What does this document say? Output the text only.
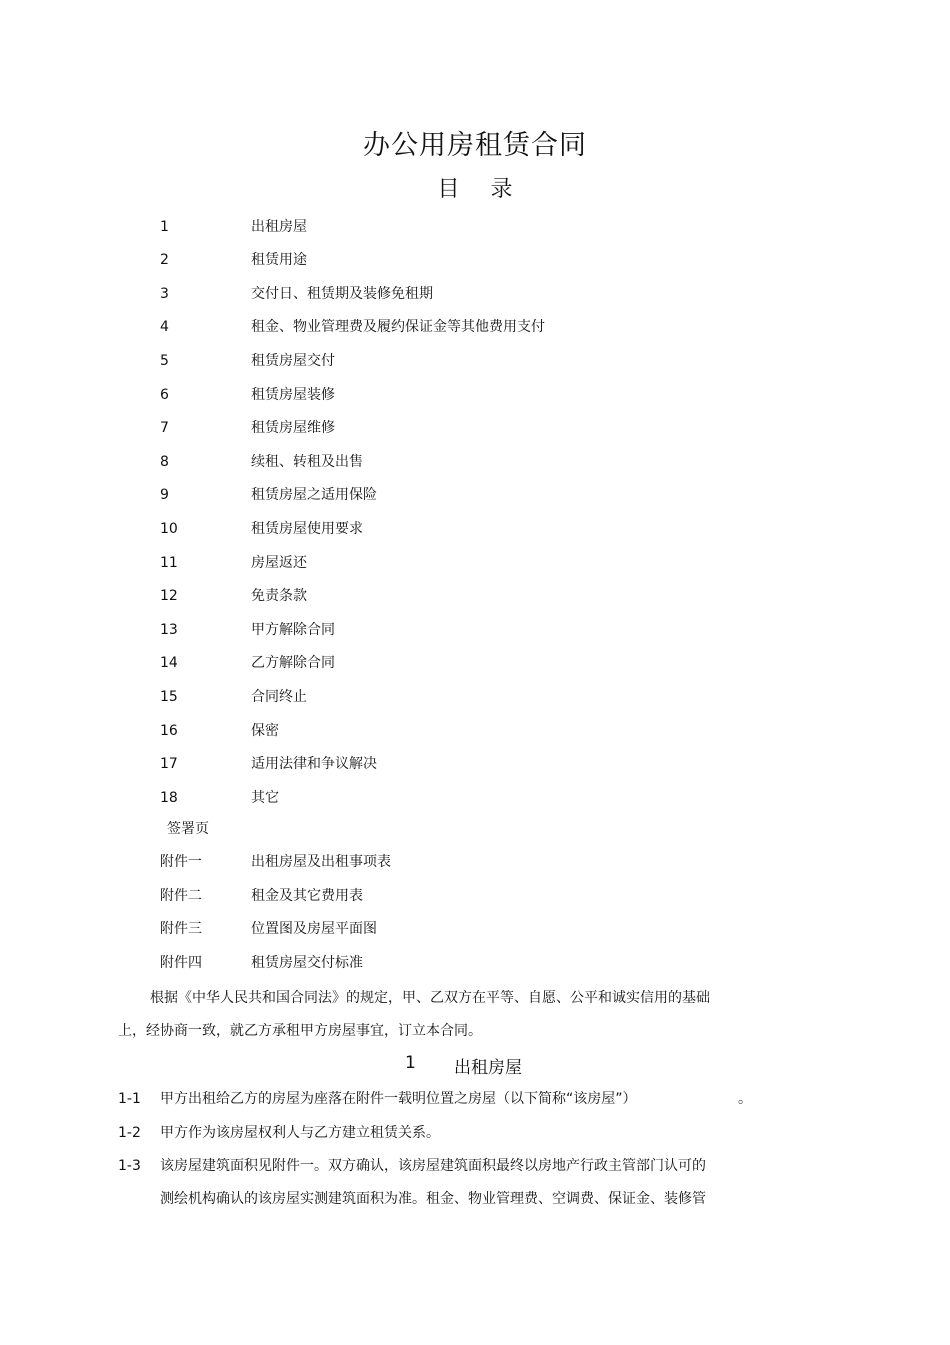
办公用房租赁合同
目 录
1	出租房屋
2	租赁用途
3	交付日、租赁期及装修免租期
4	租金、物业管理费及履约保证金等其他费用支付
5	租赁房屋交付
6	租赁房屋装修
7	租赁房屋维修
8	续租、转租及出售
9	租赁房屋之适用保险
10	租赁房屋使用要求
11	房屋返还
12	免责条款
13	甲方解除合同
14	乙方解除合同
15	合同终止
16	保密
17	适用法律和争议解决
18	其它
签署页
附件一	出租房屋及出租事项表
附件二	租金及其它费用表
附件三	位置图及房屋平面图
附件四	租赁房屋交付标准
根据《中华人民共和国合同法》的规定，甲、乙双方在平等、自愿、公平和诚实信用的基础
上，经协商一致，就乙方承租甲方房屋事宜，订立本合同。
1 出租房屋
1-1 甲方出租给乙方的房屋为座落在附件一载明位置之房屋（以下简称“该房屋”）	。
1-2 甲方作为该房屋权利人与乙方建立租赁关系。
1-3 该房屋建筑面积见附件一。双方确认，该房屋建筑面积最终以房地产行政主管部门认可的
测绘机构确认的该房屋实测建筑面积为准。租金、物业管理费、空调费、保证金、装修管
